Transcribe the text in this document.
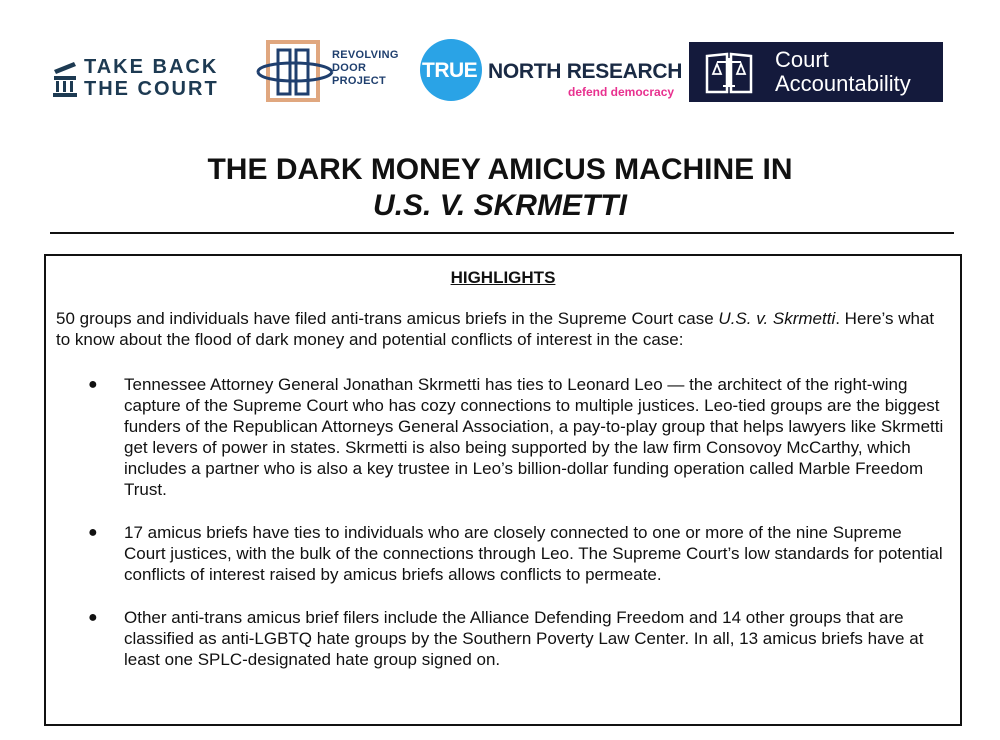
TAKE BACK
THE COURT
REVOLVING
DOOR
PROJECT	TRUE NORTH RESEARCH
defend democracy
Court
Accountability
THE DARK MONEY AMICUS MACHINE IN
U.S. V. SKRMETTI
HIGHLIGHTS

50 groups and individuals have filed anti-trans amicus briefs in the Supreme Court case U.S. v. Skrmetti. Here’s what to know about the flood of dark money and potential conflicts of interest in the case:

● Tennessee Attorney General Jonathan Skrmetti has ties to Leonard Leo — the architect of the right-wing capture of the Supreme Court who has cozy connections to multiple justices. Leo-tied groups are the biggest funders of the Republican Attorneys General Association, a pay-to-play group that helps lawyers like Skrmetti get levers of power in states. Skrmetti is also being supported by the law firm Consovoy McCarthy, which includes a partner who is also a key trustee in Leo’s billion-dollar funding operation called Marble Freedom Trust.
● 17 amicus briefs have ties to individuals who are closely connected to one or more of the nine Supreme Court justices, with the bulk of the connections through Leo. The Supreme Court’s low standards for potential conflicts of interest raised by amicus briefs allows conflicts to permeate.
● Other anti-trans amicus brief filers include the Alliance Defending Freedom and 14 other groups that are classified as anti-LGBTQ hate groups by the Southern Poverty Law Center. In all, 13 amicus briefs have at least one SPLC-designated hate group signed on.
